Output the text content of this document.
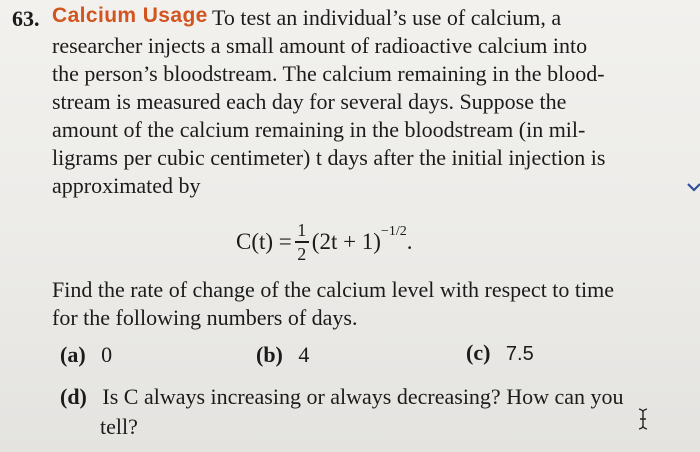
63. Calcium Usage To test an individual’s use of calcium, a
researcher injects a small amount of radioactive calcium into
the person’s bloodstream. The calcium remaining in the blood-
stream is measured each day for several days. Suppose the
amount of the calcium remaining in the bloodstream (in mil-
ligrams per cubic centimeter) t days after the initial injection is
approximated by
$C(t) = \frac{1}{2} (2t + 1) -1/2$ .
Find the rate of change of the calcium level with respect to time
for the following numbers of days.
(a) 0	(b) 4	(c) 7.5
(d) Is C always increasing or always decreasing? How can you
tell?
